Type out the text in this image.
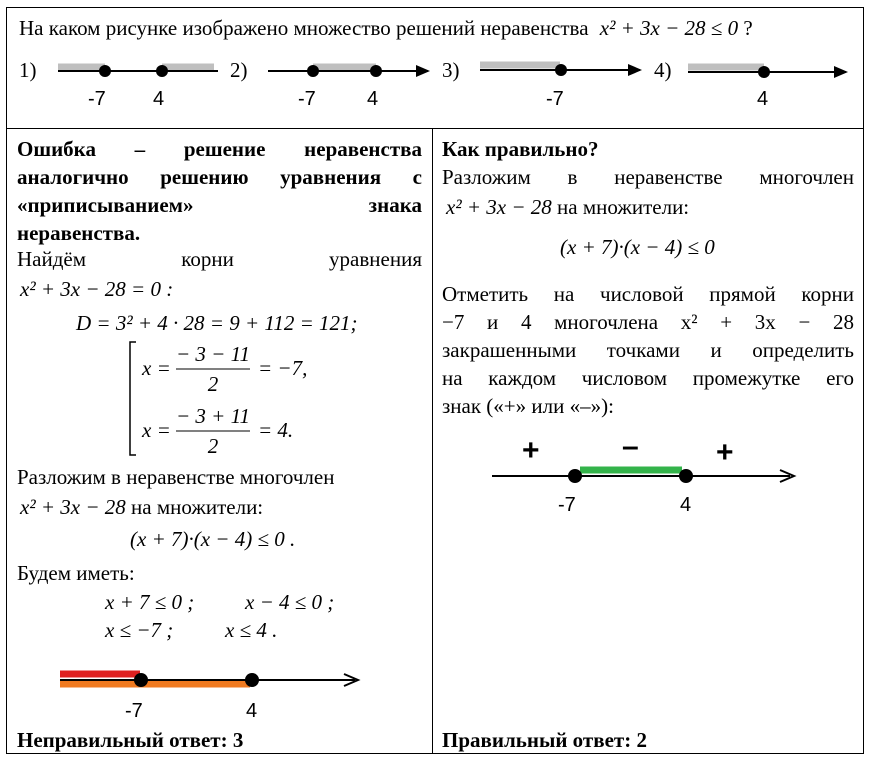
На каком рисунке изображено множество решений неравенства x² + 3x − 28 ≤ 0 ?
1)	2)	3)	4)
-7 4	-7	4	-7	4
Ошибка – решение неравенства
аналогично решению уравнения с
«приписыванием» знака
неравенства.
Найдём корни уравнения
x² + 3x − 28 = 0 :
D = 3² + 4 · 28 = 9 + 112 = 121;
x =
− 3 − 11
2
= −7,
x =
− 3 + 11
2
= 4.
Разложим в неравенстве многочлен
x² + 3x − 28 на множители:
(x + 7)·(x − 4) ≤ 0 .
Будем иметь:
x + 7 ≤ 0 ; x − 4 ≤ 0 ;
x ≤ −7 ; x ≤ 4 .
-7	4
Неправильный ответ: 3
Как правильно?
Разложим в неравенстве многочлен
x² + 3x − 28 на множители:
(x + 7)·(x − 4) ≤ 0
Отметить на числовой прямой корни
−7 и 4 многочлена x² + 3x − 28
закрашенными точками и определить
на каждом числовом промежутке его
знак («+» или «–»):
+	–	+
-7	4
Правильный ответ: 2
